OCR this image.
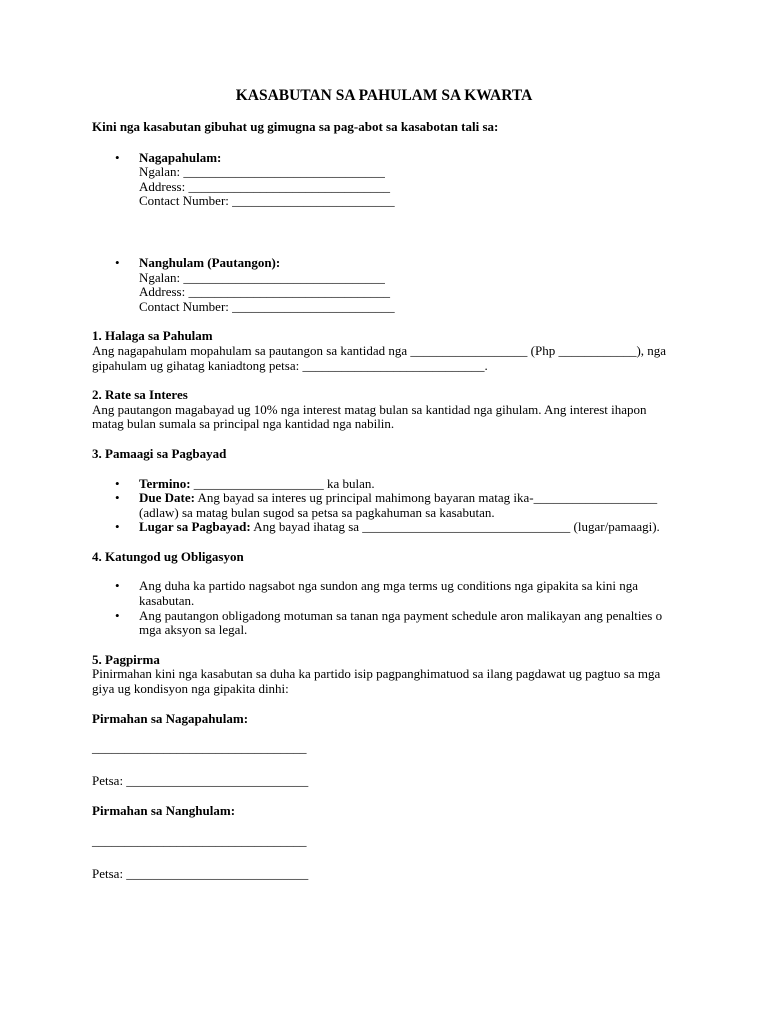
KASABUTAN SA PAHULAM SA KWARTA
Kini nga kasabutan gibuhat ug gimugna sa pag-abot sa kasabotan tali sa:
• Nagapahulam:
Ngalan: _______________________________
Address: _______________________________
Contact Number: _________________________
• Nanghulam (Pautangon):
Ngalan: _______________________________
Address: _______________________________
Contact Number: _________________________
1. Halaga sa Pahulam

Ang nagapahulam mopahulam sa pautangon sa kantidad nga __________________ (Php ____________), nga

gipahulam ug gihatag kaniadtong petsa: ____________________________.

2. Rate sa Interes

Ang pautangon magabayad ug 10% nga interest matag bulan sa kantidad nga gihulam. Ang interest ihapon

matag bulan sumala sa principal nga kantidad nga nabilin.

3. Pamaagi sa Pagbayad
• Termino: ____________________ ka bulan.
• Due Date: Ang bayad sa interes ug principal mahimong bayaran matag ika-___________________
(adlaw) sa matag bulan sugod sa petsa sa pagkahuman sa kasabutan.
• Lugar sa Pagbayad: Ang bayad ihatag sa ________________________________ (lugar/pamaagi).
4. Katungod ug Obligasyon
• Ang duha ka partido nagsabot nga sundon ang mga terms ug conditions nga gipakita sa kini nga
kasabutan.
• Ang pautangon obligadong motuman sa tanan nga payment schedule aron malikayan ang penalties o
mga aksyon sa legal.
5. Pagpirma

Pinirmahan kini nga kasabutan sa duha ka partido isip pagpanghimatuod sa ilang pagdawat ug pagtuo sa mga

giya ug kondisyon nga gipakita dinhi:

Pirmahan sa Nagapahulam:
_________________________________
Petsa: ____________________________
Pirmahan sa Nanghulam:
_________________________________
Petsa: ____________________________
